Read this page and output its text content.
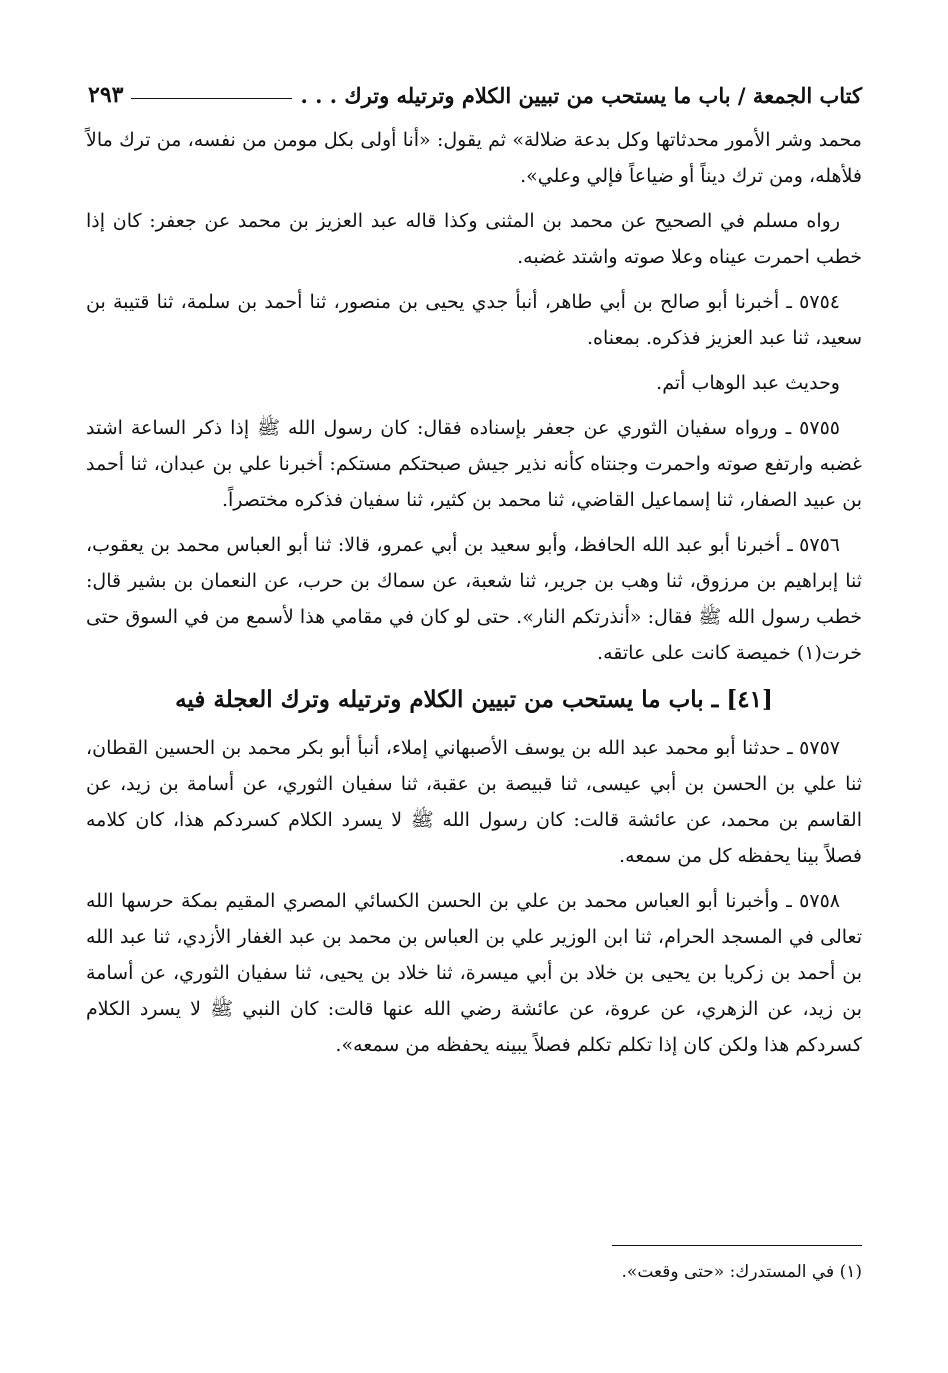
كتاب الجمعة / باب ما يستحب من تبيين الكلام وترتيله وترك . . .
٢٩٣

محمد وشر الأمور محدثاتها وكل بدعة ضلالة» ثم يقول: «أنا أولى بكل مومن من نفسه، من ترك مالاً فلأهله، ومن ترك ديناً أو ضياعاً فإلي وعلي».

رواه مسلم في الصحيح عن محمد بن المثنى وكذا قاله عبد العزيز بن محمد عن جعفر: كان إذا خطب احمرت عيناه وعلا صوته واشتد غضبه.

٥٧٥٤ ـ أخبرنا أبو صالح بن أبي طاهر، أنبأ جدي يحيى بن منصور، ثنا أحمد بن سلمة، ثنا قتيبة بن سعيد، ثنا عبد العزيز فذكره. بمعناه.

وحديث عبد الوهاب أتم.

٥٧٥٥ ـ ورواه سفيان الثوري عن جعفر بإسناده فقال: كان رسول الله ﷺ إذا ذكر الساعة اشتد غضبه وارتفع صوته واحمرت وجنتاه كأنه نذير جيش صبحتكم مستكم: أخبرنا علي بن عبدان، ثنا أحمد بن عبيد الصفار، ثنا إسماعيل القاضي، ثنا محمد بن كثير، ثنا سفيان فذكره مختصراً.

٥٧٥٦ ـ أخبرنا أبو عبد الله الحافظ، وأبو سعيد بن أبي عمرو، قالا: ثنا أبو العباس محمد بن يعقوب، ثنا إبراهيم بن مرزوق، ثنا وهب بن جرير، ثنا شعبة، عن سماك بن حرب، عن النعمان بن بشير قال: خطب رسول الله ﷺ فقال: «أنذرتكم النار». حتى لو كان في مقامي هذا لأسمع من في السوق حتى خرت(١) خميصة كانت على عاتقه.

[٤١] ـ باب ما يستحب من تبيين الكلام وترتيله وترك العجلة فيه

٥٧٥٧ ـ حدثنا أبو محمد عبد الله بن يوسف الأصبهاني إملاء، أنبأ أبو بكر محمد بن الحسين القطان، ثنا علي بن الحسن بن أبي عيسى، ثنا قبيصة بن عقبة، ثنا سفيان الثوري، عن أسامة بن زيد، عن القاسم بن محمد، عن عائشة قالت: كان رسول الله ﷺ لا يسرد الكلام كسردكم هذا، كان كلامه فصلاً بينا يحفظه كل من سمعه.

٥٧٥٨ ـ وأخبرنا أبو العباس محمد بن علي بن الحسن الكسائي المصري المقيم بمكة حرسها الله تعالى في المسجد الحرام، ثنا ابن الوزير علي بن العباس بن محمد بن عبد الغفار الأزدي، ثنا عبد الله بن أحمد بن زكريا بن يحيى بن خلاد بن أبي ميسرة، ثنا خلاد بن يحيى، ثنا سفيان الثوري، عن أسامة بن زيد، عن الزهري، عن عروة، عن عائشة رضي الله عنها قالت: كان النبي ﷺ لا يسرد الكلام كسردكم هذا ولكن كان إذا تكلم تكلم فصلاً يبينه يحفظه من سمعه».

(١) في المستدرك: «حتى وقعت».
